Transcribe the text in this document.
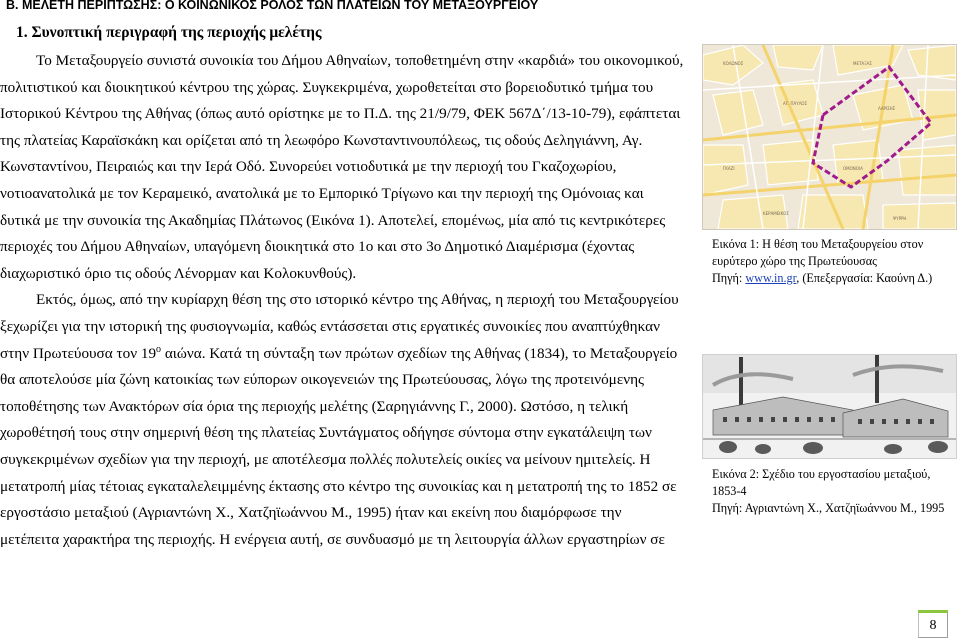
Β. ΜΕΛΕΤΗ ΠΕΡΙΠΤΩΣΗΣ: Ο ΚΟΙΝΩΝΙΚΟΣ ΡΟΛΟΣ ΤΩΝ ΠΛΑΤΕΙΩΝ ΤΟΥ ΜΕΤΑΞΟΥΡΓΕΙΟΥ
1. Συνοπτική περιγραφή της περιοχής μελέτης
Το Μεταξουργείο συνιστά συνοικία του Δήμου Αθηναίων, τοποθετημένη στην «καρδιά» του οικονομικού,
πολιτιστικού και διοικητικού κέντρου της χώρας. Συγκεκριμένα, χωροθετείται στο βορειοδυτικό τμήμα του
Ιστορικού Κέντρου της Αθήνας (όπως αυτό ορίστηκε με το Π.Δ. της 21/9/79, ΦΕΚ 567Δ΄/13-10-79), εφάπτεται
της πλατείας Καραϊσκάκη και ορίζεται από τη λεωφόρο Κωνσταντινουπόλεως, τις οδούς Δεληγιάννη, Αγ.
Κωνσταντίνου, Πειραιώς και την Ιερά Οδό. Συνορεύει νοτιοδυτικά με την περιοχή του Γκαζοχωρίου,
νοτιοανατολικά με τον Κεραμεικό, ανατολικά με το Εμπορικό Τρίγωνο και την περιοχή της Ομόνοιας και
δυτικά με την συνοικία της Ακαδημίας Πλάτωνος (Εικόνα 1). Αποτελεί, επομένως, μία από τις κεντρικότερες
περιοχές του Δήμου Αθηναίων, υπαγόμενη διοικητικά στο 1ο και στο 3ο Δημοτικό Διαμέρισμα (έχοντας
διαχωριστικό όριο τις οδούς Λένορμαν και Κολοκυνθούς).
Εκτός, όμως, από την κυρίαρχη θέση της στο ιστορικό κέντρο της Αθήνας, η περιοχή του Μεταξουργείου
ξεχωρίζει για την ιστορική της φυσιογνωμία, καθώς εντάσσεται στις εργατικές συνοικίες που αναπτύχθηκαν
στην Πρωτεύουσα τον $19^o$ αιώνα. Κατά τη σύνταξη των πρώτων σχεδίων της Αθήνας (1834), το Μεταξουργείο
θα αποτελούσε μία ζώνη κατοικίας των εύπορων οικογενειών της Πρωτεύουσας, λόγω της προτεινόμενης
τοποθέτησης των Ανακτόρων σία όρια της περιοχής μελέτης (Σαρηγιάννης Γ., 2000). Ωστόσο, η τελική
χωροθέτησή τους στην σημερινή θέση της πλατείας Συντάγματος οδήγησε σύντομα στην εγκατάλειψη των
συγκεκριμένων σχεδίων για την περιοχή, με αποτέλεσμα πολλές πολυτελείς οικίες να μείνουν ημιτελείς. Η
μετατροπή μίας τέτοιας εγκαταλελειμμένης έκτασης στο κέντρο της συνοικίας και η μετατροπή της το 1852 σε
εργοστάσιο μεταξιού (Αγριαντώνη Χ., Χατζηϊωάννου Μ., 1995) ήταν και εκείνη που διαμόρφωσε την
μετέπειτα χαρακτήρα της περιοχής. Η ενέργεια αυτή, σε συνδυασμό με τη λειτουργία άλλων εργαστηρίων σε
ΚΟΛΩΝΟΣ	ΜΕΤΑΞΑΣ
ΑΓ. ΠΑΥΛΟΣ
ΛΑΡΙΣΗΣ
ΓΚΑΖΙ	ΟΜΟΝΟΙΑ
ΚΕΡΑΜΕΙΚΟΣ
ΨΥΡΡΗ
Εικόνα 1: Η θέση του Μεταξουργείου στον
ευρύτερο χώρο της Πρωτεύουσας
Πηγή: www.in.gr, (Επεξεργασία: Καούνη Δ.)
Εικόνα 2: Σχέδιο του εργοστασίου μεταξιού,
1853-4
Πηγή: Αγριαντώνη Χ., Χατζηϊωάννου Μ., 1995
8
